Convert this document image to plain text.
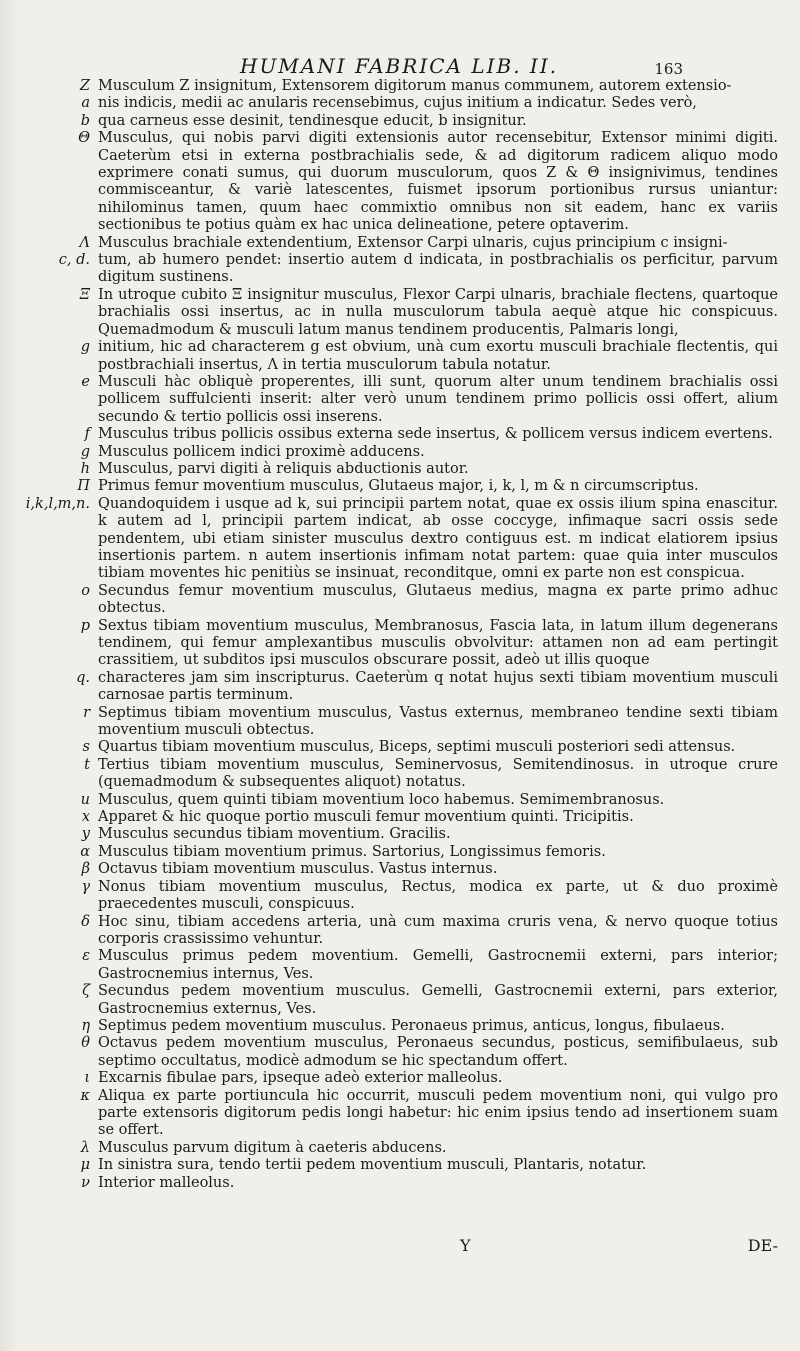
HUMANI FABRICA LIB. II.	163
Z Musculum Z insignitum, Extensorem digitorum manus communem, autorem extensio-
a nis indicis, medii ac anularis recensebimus, cujus initium a indicatur. Sedes verò,
b qua carneus esse desinit, tendinesque educit, b insignitur.
Θ Musculus, qui nobis parvi digiti extensionis autor recensebitur, Extensor minimi digiti. Caeterùm etsi in externa postbrachialis sede, & ad digitorum radicem aliquo modo exprimere conati sumus, qui duorum musculorum, quos Z & Θ insignivimus, tendines commisceantur, & variè latescentes, fuismet ipsorum portionibus rursus uniantur: nihilominus tamen, quum haec commixtio omnibus non sit eadem, hanc ex variis sectionibus te potius quàm ex hac unica delineatione, petere optaverim.
Λ Musculus brachiale extendentium, Extensor Carpi ulnaris, cujus principium c insigni-
c, d. tum, ab humero pendet: insertio autem d indicata, in postbrachialis os perficitur, parvum digitum sustinens.
Ξ In utroque cubito Ξ insignitur musculus, Flexor Carpi ulnaris, brachiale flectens, quartoque brachialis ossi insertus, ac in nulla musculorum tabula aequè atque hic conspicuus. Quemadmodum & musculi latum manus tendinem producentis, Palmaris longi,
g initium, hic ad characterem g est obvium, unà cum exortu musculi brachiale flectentis, qui postbrachiali insertus, Λ in tertia musculorum tabula notatur.
e Musculi hàc obliquè properentes, illi sunt, quorum alter unum tendinem brachialis ossi pollicem suffulcienti inserit: alter verò unum tendinem primo pollicis ossi offert, alium secundo & tertio pollicis ossi inserens.
f Musculus tribus pollicis ossibus externa sede insertus, & pollicem versus indicem evertens.
g Musculus pollicem indici proximè adducens.
h Musculus, parvi digiti à reliquis abductionis autor.
Π Primus femur moventium musculus, Glutaeus major, i, k, l, m & n circumscriptus.
i,k,l,m,n. Quandoquidem i usque ad k, sui principii partem notat, quae ex ossis ilium spina enascitur. k autem ad l, principii partem indicat, ab osse coccyge, infimaque sacri ossis sede pendentem, ubi etiam sinister musculus dextro contiguus est. m indicat elatiorem ipsius insertionis partem. n autem insertionis infimam notat partem: quae quia inter musculos tibiam moventes hic penitiùs se insinuat, reconditque, omni ex parte non est conspicua.
o Secundus femur moventium musculus, Glutaeus medius, magna ex parte primo adhuc obtectus.
p Sextus tibiam moventium musculus, Membranosus, Fascia lata, in latum illum degenerans tendinem, qui femur amplexantibus musculis obvolvitur: attamen non ad eam pertingit crassitiem, ut subditos ipsi musculos obscurare possit, adeò ut illis quoque
q. characteres jam sim inscripturus. Caeterùm q notat hujus sexti tibiam moventium musculi carnosae partis terminum.
r Septimus tibiam moventium musculus, Vastus externus, membraneo tendine sexti tibiam moventium musculi obtectus.
s Quartus tibiam moventium musculus, Biceps, septimi musculi posteriori sedi attensus.
t Tertius tibiam moventium musculus, Seminervosus, Semitendinosus. in utroque crure (quemadmodum & subsequentes aliquot) notatus.
u Musculus, quem quinti tibiam moventium loco habemus. Semimembranosus.
x Apparet & hic quoque portio musculi femur moventium quinti. Tricipitis.
y Musculus secundus tibiam moventium. Gracilis.
α Musculus tibiam moventium primus. Sartorius, Longissimus femoris.
β Octavus tibiam moventium musculus. Vastus internus.
γ Nonus tibiam moventium musculus, Rectus, modica ex parte, ut & duo proximè praecedentes musculi, conspicuus.
δ Hoc sinu, tibiam accedens arteria, unà cum maxima cruris vena, & nervo quoque totius corporis crassissimo vehuntur.
ε Musculus primus pedem moventium. Gemelli, Gastrocnemii externi, pars interior; Gastrocnemius internus, Ves.
ζ Secundus pedem moventium musculus. Gemelli, Gastrocnemii externi, pars exterior, Gastrocnemius externus, Ves.
η Septimus pedem moventium musculus. Peronaeus primus, anticus, longus, fibulaeus.
θ Octavus pedem moventium musculus, Peronaeus secundus, posticus, semifibulaeus, sub septimo occultatus, modicè admodum se hic spectandum offert.
ι Excarnis fibulae pars, ipseque adeò exterior malleolus.
κ Aliqua ex parte portiuncula hic occurrit, musculi pedem moventium noni, qui vulgo pro parte extensoris digitorum pedis longi habetur: hic enim ipsius tendo ad insertionem suam se offert.
λ Musculus parvum digitum à caeteris abducens.
μ In sinistra sura, tendo tertii pedem moventium musculi, Plantaris, notatur.
ν Interior malleolus.
Y	DE-
